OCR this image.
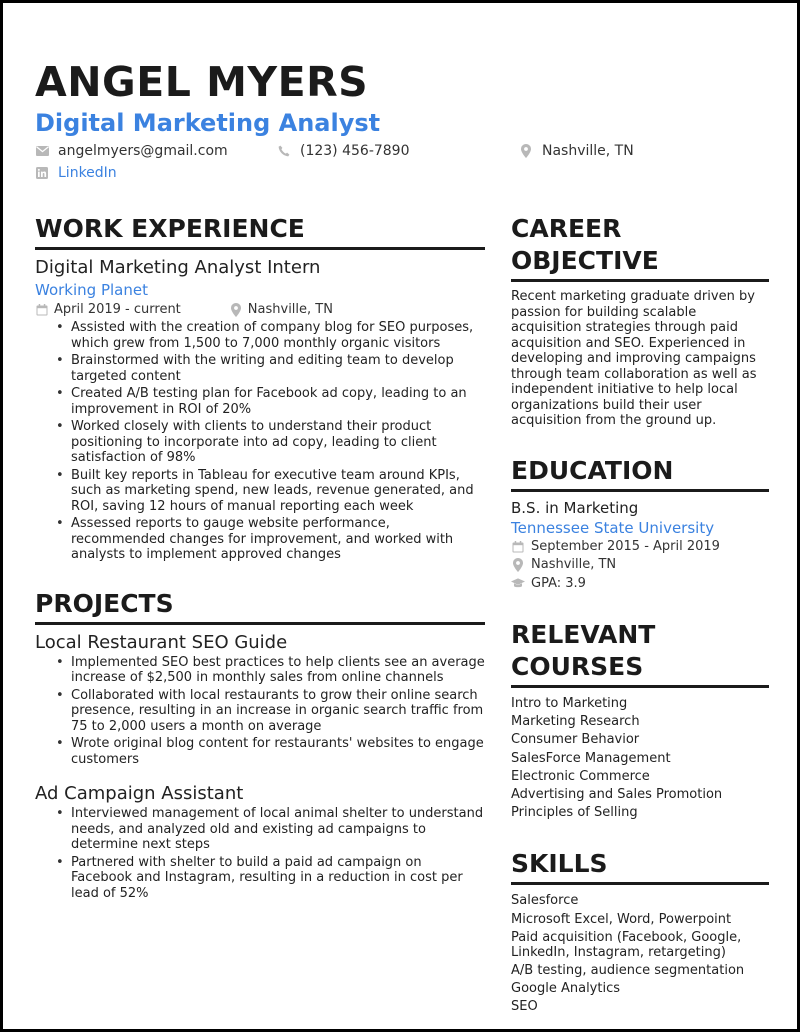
ANGEL MYERS
Digital Marketing Analyst
angelmyers@gmail.com	(123) 456-7890	Nashville, TN
LinkedIn
WORK EXPERIENCE
Digital Marketing Analyst Intern
Working Planet
April 2019 - current	Nashville, TN
• Assisted with the creation of company blog for SEO purposes, which grew from 1,500 to 7,000 monthly organic visitors
• Brainstormed with the writing and editing team to develop targeted content
• Created A/B testing plan for Facebook ad copy, leading to an improvement in ROI of 20%
• Worked closely with clients to understand their product positioning to incorporate into ad copy, leading to client satisfaction of 98%
• Built key reports in Tableau for executive team around KPIs, such as marketing spend, new leads, revenue generated, and ROI, saving 12 hours of manual reporting each week
• Assessed reports to gauge website performance, recommended changes for improvement, and worked with analysts to implement approved changes
PROJECTS
Local Restaurant SEO Guide
• Implemented SEO best practices to help clients see an average increase of $2,500 in monthly sales from online channels
• Collaborated with local restaurants to grow their online search presence, resulting in an increase in organic search traffic from 75 to 2,000 users a month on average
• Wrote original blog content for restaurants' websites to engage customers
Ad Campaign Assistant
• Interviewed management of local animal shelter to understand needs, and analyzed old and existing ad campaigns to determine next steps
• Partnered with shelter to build a paid ad campaign on Facebook and Instagram, resulting in a reduction in cost per lead of 52%
CAREER OBJECTIVE
Recent marketing graduate driven by passion for building scalable acquisition strategies through paid acquisition and SEO. Experienced in developing and improving campaigns through team collaboration as well as independent initiative to help local organizations build their user acquisition from the ground up.
EDUCATION
B.S. in Marketing
Tennessee State University
September 2015 - April 2019
Nashville, TN
GPA: 3.9
RELEVANT COURSES
Intro to Marketing
Marketing Research
Consumer Behavior
SalesForce Management
Electronic Commerce
Advertising and Sales Promotion
Principles of Selling
SKILLS
Salesforce
Microsoft Excel, Word, Powerpoint
Paid acquisition (Facebook, Google, LinkedIn, Instagram, retargeting)
A/B testing, audience segmentation
Google Analytics
SEO
